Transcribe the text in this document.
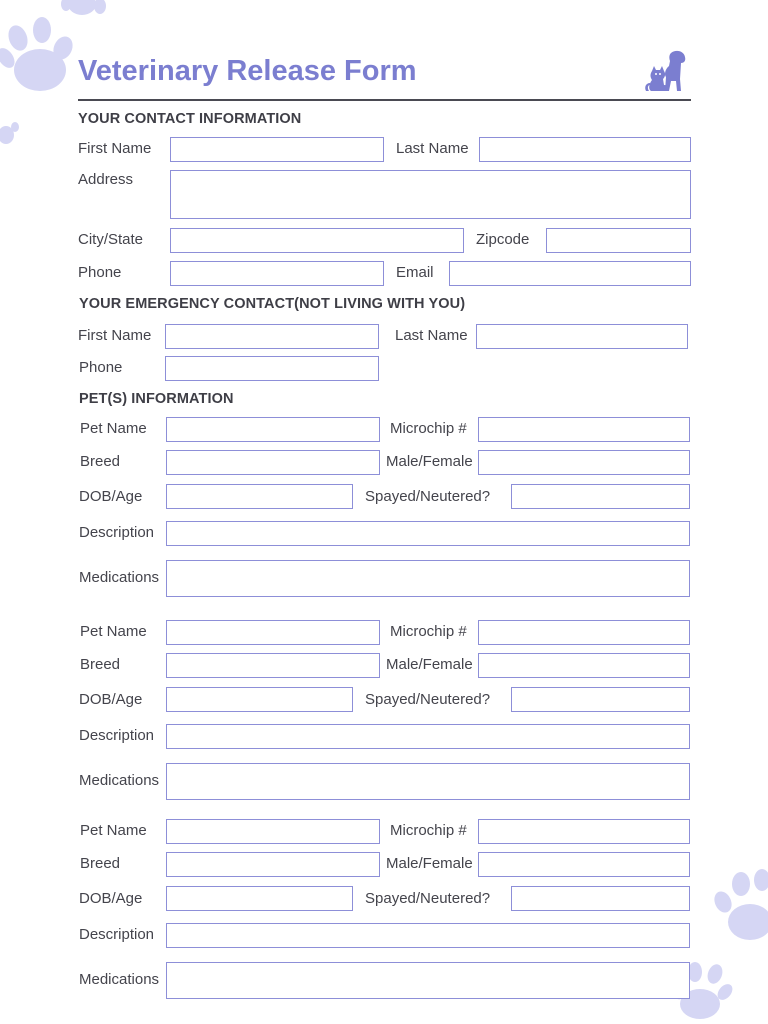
Veterinary Release Form
YOUR CONTACT INFORMATION
First Name	Last Name
Address
City/State	Zipcode
Phone	Email
YOUR EMERGENCY CONTACT(NOT LIVING WITH YOU)
First Name	Last Name
Phone
PET(S) INFORMATION
Pet Name	Microchip #
Breed	Male/Female
DOB/Age	Spayed/Neutered?
Description
Medications
Pet Name	Microchip #
Breed	Male/Female
DOB/Age	Spayed/Neutered?
Description
Medications
Pet Name	Microchip #
Breed	Male/Female
DOB/Age	Spayed/Neutered?
Description
Medications
